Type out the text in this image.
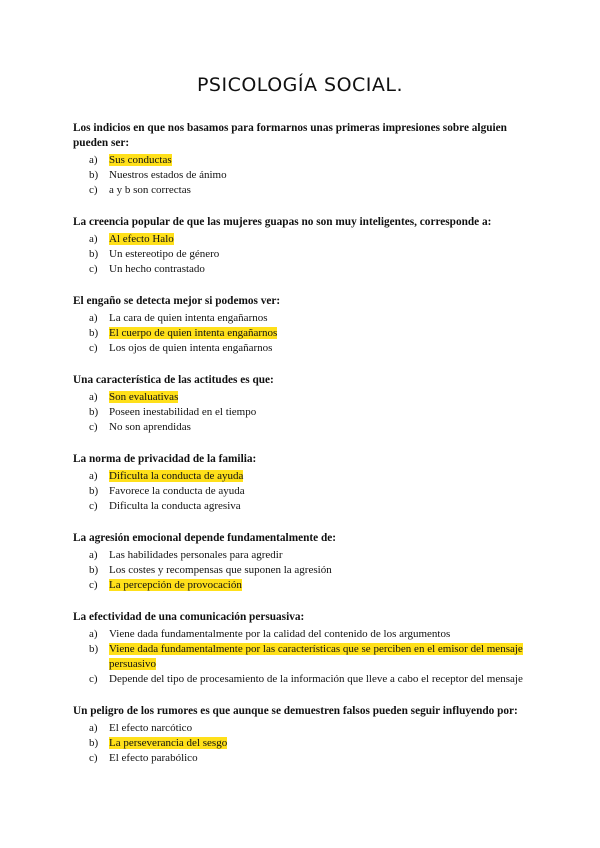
PSICOLOGÍA SOCIAL.
Los indicios en que nos basamos para formarnos unas primeras impresiones sobre alguien pueden ser:
a)	Sus conductas
b) Nuestros estados de ánimo
c)	a y b son correctas
La creencia popular de que las mujeres guapas no son muy inteligentes, corresponde a:
a)	Al efecto Halo
b) Un estereotipo de género
c)	Un hecho contrastado
El engaño se detecta mejor si podemos ver:
a)	La cara de quien intenta engañarnos
b) El cuerpo de quien intenta engañarnos
c)	Los ojos de quien intenta engañarnos
Una característica de las actitudes es que:
a)	Son evaluativas
b) Poseen inestabilidad en el tiempo
c)	No son aprendidas
La norma de privacidad de la familia:
a)	Dificulta la conducta de ayuda
b) Favorece la conducta de ayuda
c)	Dificulta la conducta agresiva
La agresión emocional depende fundamentalmente de:
a)	Las habilidades personales para agredir
b) Los costes y recompensas que suponen la agresión
c)	La percepción de provocación
La efectividad de una comunicación persuasiva:
a)	Viene dada fundamentalmente por la calidad del contenido de los argumentos
b) Viene dada fundamentalmente por las características que se perciben en el emisor del mensaje persuasivo
c)	Depende del tipo de procesamiento de la información que lleve a cabo el receptor del mensaje
Un peligro de los rumores es que aunque se demuestren falsos pueden seguir influyendo por:
a)	El efecto narcótico
b) La perseverancia del sesgo
c)	El efecto parabólico
